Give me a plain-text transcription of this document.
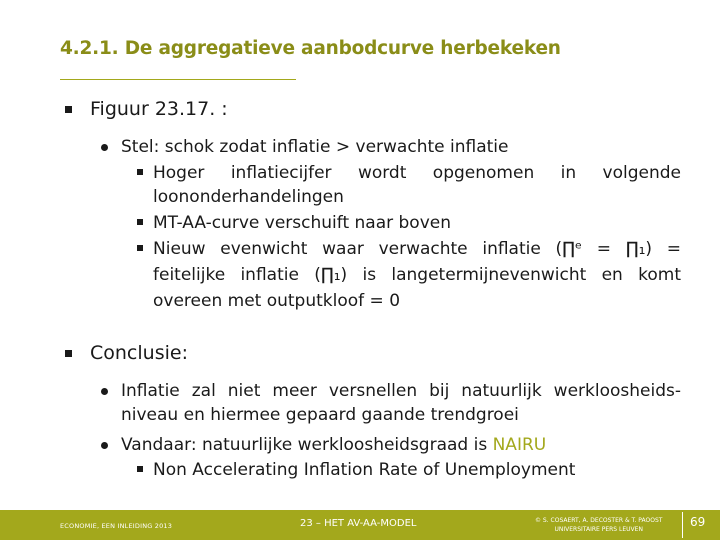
4.2.1. De aggregatieve aanbodcurve herbekeken
Figuur 23.17. :
Stel: schok zodat inflatie > verwachte inflatie
Hoger inflatiecijfer wordt opgenomen in volgende
loononderhandelingen
MT-AA-curve verschuift naar boven
Nieuw evenwicht waar verwachte inflatie (∏ᵉ = ∏₁) =
feitelijke inflatie (∏₁) is langetermijnevenwicht en komt
overeen met outputkloof = 0
Conclusie:
Inflatie zal niet meer versnellen bij natuurlijk werkloosheids-
niveau en hiermee gepaard gaande trendgroei
Vandaar: natuurlijke werkloosheidsgraad is NAIRU
Non Accelerating Inflation Rate of Unemployment
ECONOMIE, EEN INLEIDING 2013	23 – HET AV-AA-MODEL	© S. COSAERT, A. DECOSTER & T. PAOOST
UNIVERSITAIRE PERS LEUVEN
69
